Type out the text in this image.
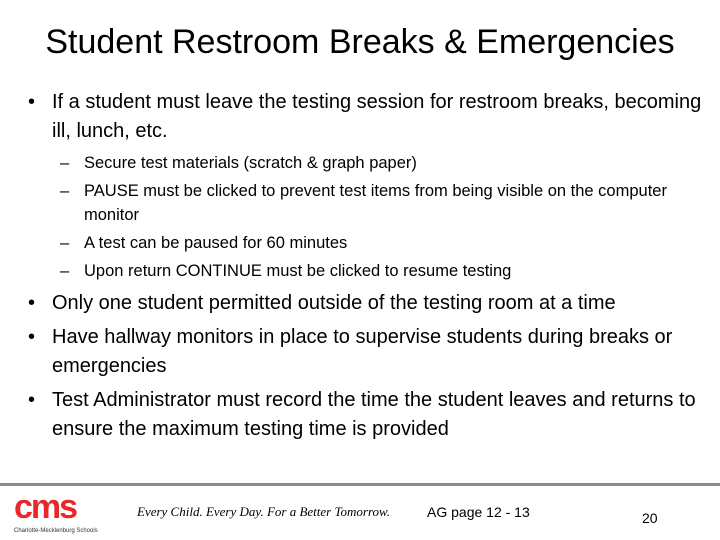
Student Restroom Breaks & Emergencies
• If a student must leave the testing session for restroom breaks, becoming ill, lunch, etc.
– Secure test materials (scratch & graph paper)
– PAUSE must be clicked to prevent test items from being visible on the computer monitor
– A test can be paused for 60 minutes
– Upon return CONTINUE must be clicked to resume testing
• Only one student permitted outside of the testing room at a time
• Have hallway monitors in place to supervise students during breaks or emergencies
• Test Administrator must record the time the student leaves and returns to ensure the maximum testing time is provided
cms
Charlotte-Mecklenburg Schools
Every Child. Every Day. For a Better Tomorrow.	AG page 12 - 13	20
